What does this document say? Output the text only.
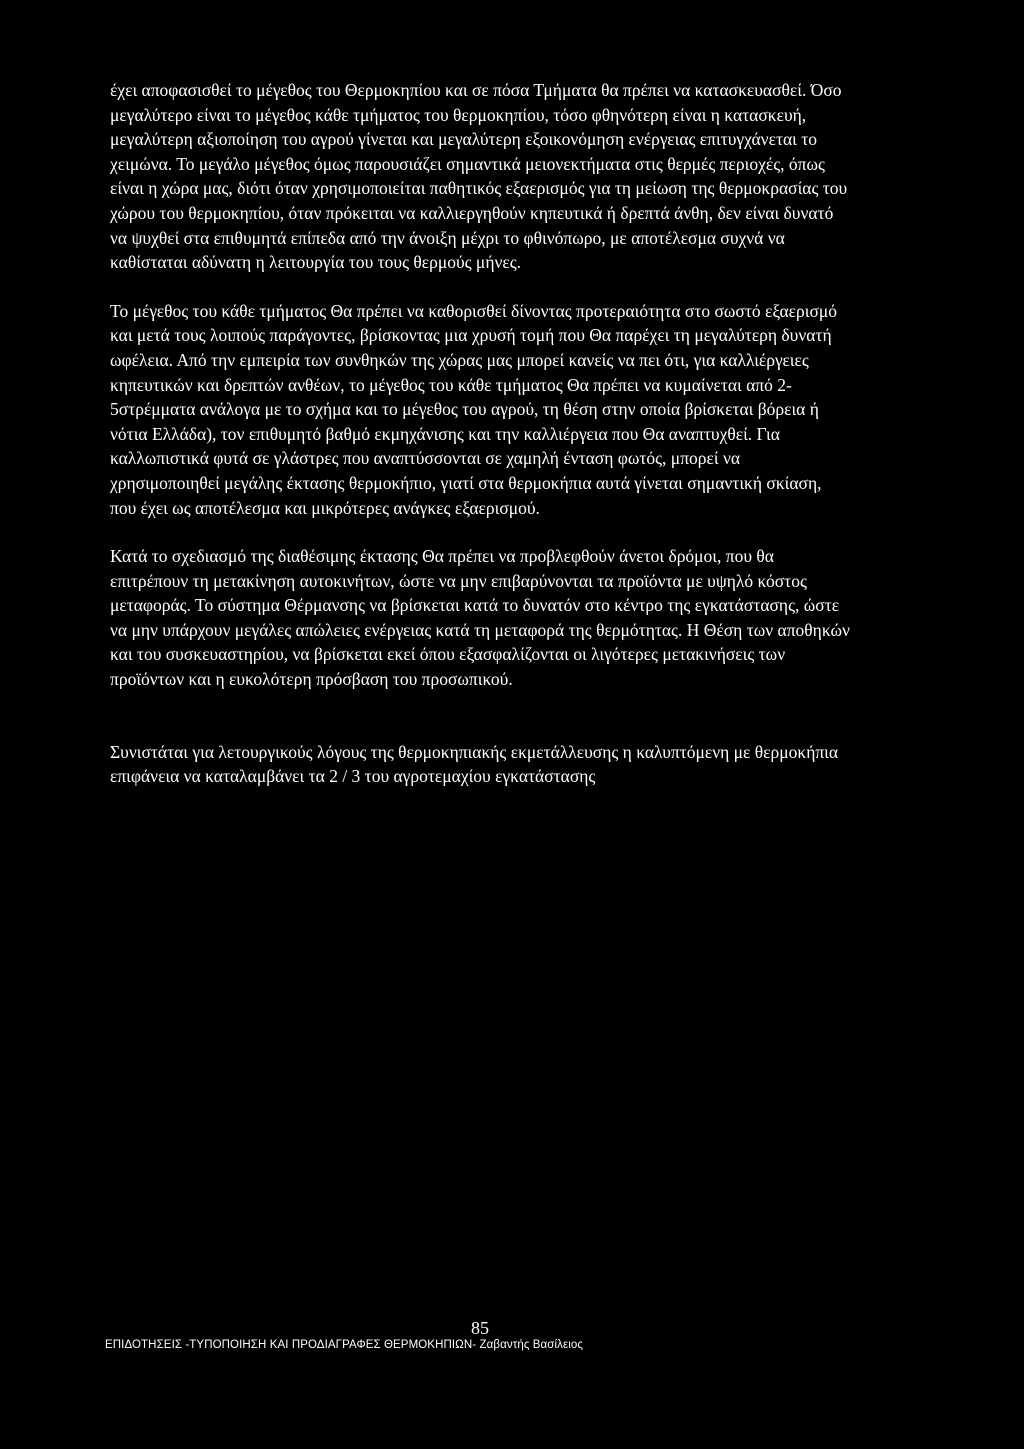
έχει αποφασισθεί το μέγεθος του Θερμοκηπίου και σε πόσα Τμήματα θα πρέπει να κατασκευασθεί. Όσο μεγαλύτερο είναι το μέγεθος κάθε τμήματος του θερμοκηπίου, τόσο φθηνότερη είναι η κατασκευή, μεγαλύτερη αξιοποίηση του αγρού γίνεται και μεγαλύτερη εξοικονόμηση ενέργειας επιτυγχάνεται το χειμώνα. Το μεγάλο μέγεθος όμως παρουσιάζει σημαντικά μειονεκτήματα στις θερμές περιοχές, όπως είναι η χώρα μας, διότι όταν χρησιμοποιείται παθητικός εξαερισμός για τη μείωση της θερμοκρασίας του χώρου του θερμοκηπίου, όταν πρόκειται να καλλιεργηθούν κηπευτικά ή δρεπτά άνθη, δεν είναι δυνατό να ψυχθεί στα επιθυμητά επίπεδα από την άνοιξη μέχρι το φθινόπωρο, με αποτέλεσμα συχνά να καθίσταται αδύνατη η λειτουργία του τους θερμούς μήνες.

Το μέγεθος του κάθε τμήματος Θα πρέπει να καθορισθεί δίνοντας προτεραιότητα στο σωστό εξαερισμό και μετά τους λοιπούς παράγοντες, βρίσκοντας μια χρυσή τομή που Θα παρέχει τη μεγαλύτερη δυνατή ωφέλεια. Από την εμπειρία των συνθηκών της χώρας μας μπορεί κανείς να πει ότι, για καλλιέργειες κηπευτικών και δρεπτών ανθέων, το μέγεθος του κάθε τμήματος Θα πρέπει να κυμαίνεται από 2-5στρέμματα ανάλογα με το σχήμα και το μέγεθος του αγρού, τη θέση στην οποία βρίσκεται βόρεια ή νότια Ελλάδα), τον επιθυμητό βαθμό εκμηχάνισης και την καλλιέργεια που Θα αναπτυχθεί. Για καλλωπιστικά φυτά σε γλάστρες που αναπτύσσονται σε χαμηλή ένταση φωτός, μπορεί να χρησιμοποιηθεί μεγάλης έκτασης θερμοκήπιο, γιατί στα θερμοκήπια αυτά γίνεται σημαντική σκίαση, που έχει ως αποτέλεσμα και μικρότερες ανάγκες εξαερισμού.

Κατά το σχεδιασμό της διαθέσιμης έκτασης Θα πρέπει να προβλεφθούν άνετοι δρόμοι, που θα επιτρέπουν τη μετακίνηση αυτοκινήτων, ώστε να μην επιβαρύνονται τα προϊόντα με υψηλό κόστος μεταφοράς. Το σύστημα Θέρμανσης να βρίσκεται κατά το δυνατόν στο κέντρο της εγκατάστασης, ώστε να μην υπάρχουν μεγάλες απώλειες ενέργειας κατά τη μεταφορά της θερμότητας. Η Θέση των αποθηκών και του συσκευαστηρίου, να βρίσκεται εκεί όπου εξασφαλίζονται οι λιγότερες μετακινήσεις των προϊόντων και η ευκολότερη πρόσβαση του προσωπικού.

Συνιστάται για λετουργικούς λόγους της θερμοκηπιακής εκμετάλλευσης η καλυπτόμενη με θερμοκήπια επιφάνεια να καταλαμβάνει τα 2 / 3 του αγροτεμαχίου εγκατάστασης

85
ΕΠΙΔΟΤΗΣΕΙΣ -ΤΥΠΟΠΟΙΗΣΗ ΚΑΙ ΠΡΟΔΙΑΓΡΑΦΕΣ ΘΕΡΜΟΚΗΠΙΩΝ- Ζαβαντής Βασίλειος
